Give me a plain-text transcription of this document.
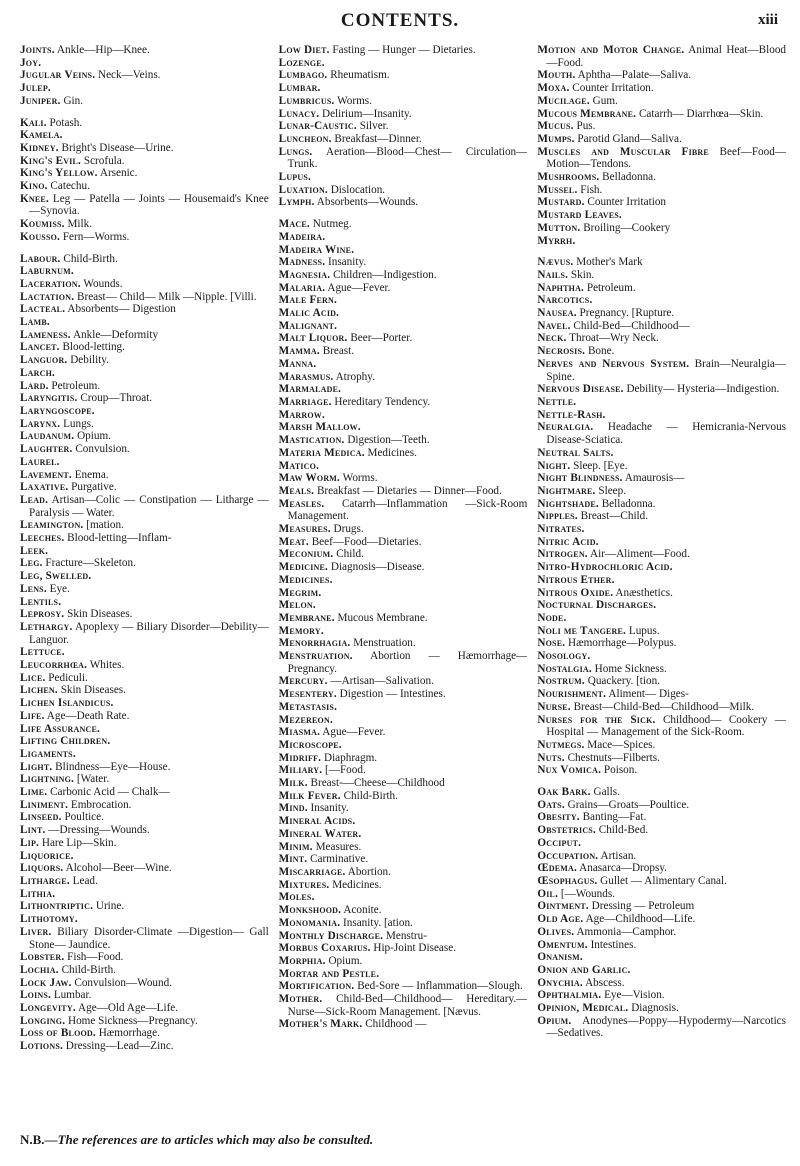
CONTENTS.	xiii
Joints. Ankle—Hip—Knee.
Joy.
Jugular Veins. Neck—Veins.
Julep.
Juniper. Gin.
Kali. Potash.
Kamela.
Kidney. Bright's Disease—Urine.
King's Evil. Scrofula.
King's Yellow. Arsenic.
Kino. Catechu.
Knee. Leg — Patella — Joints — Housemaid's Knee—Synovia.
Koumiss. Milk.
Kousso. Fern—Worms.
Labour. Child-Birth.
Laburnum.
Laceration. Wounds.
Lactation. Breast— Child— Milk —Nipple. [Villi.
Lacteal. Absorbents— Digestion
Lamb.
Lameness. Ankle—Deformity
Lancet. Blood-letting.
Languor. Debility.
Larch.
Lard. Petroleum.
Laryngitis. Croup—Throat.
Laryngoscope.
Larynx. Lungs.
Laudanum. Opium.
Laughter. Convulsion.
Laurel.
Lavement. Enema.
Laxative. Purgative.
Lead. Artisan—Colic — Constipation — Litharge — Paralysis — Water.
Leamington. [mation.
Leeches. Blood-letting—Inflam-
Leek.
Leg. Fracture—Skeleton.
Leg, Swelled.
Lens. Eye.
Lentils.
Leprosy. Skin Diseases.
Lethargy. Apoplexy — Biliary Disorder—Debility—Languor.
Lettuce.
Leucorrhœa. Whites.
Lice. Pediculi.
Lichen. Skin Diseases.
Lichen Islandicus.
Life. Age—Death Rate.
Life Assurance.
Lifting Children.
Ligaments.
Light. Blindness—Eye—House.
Lightning. [Water.
Lime. Carbonic Acid — Chalk—
Liniment. Embrocation.
Linseed. Poultice.
Lint. —Dressing—Wounds.
Lip. Hare Lip—Skin.
Liquorice.
Liquors. Alcohol—Beer—Wine.
Litharge. Lead.
Lithia.
Lithontriptic. Urine.
Lithotomy.
Liver. Biliary Disorder-Climate —Digestion— Gall Stone— Jaundice.
Lobster. Fish—Food.
Lochia. Child-Birth.
Lock Jaw. Convulsion—Wound.
Loins. Lumbar.
Longevity. Age—Old Age—Life.
Longing. Home Sickness—Pregnancy.
Loss of Blood. Hæmorrhage.
Lotions. Dressing—Lead—Zinc.
Low Diet. Fasting — Hunger — Dietaries.
Lozenge.
Lumbago. Rheumatism.
Lumbar.
Lumbricus. Worms.
Lunacy. Delirium—Insanity.
Lunar-Caustic. Silver.
Luncheon. Breakfast—Dinner.
Lungs. Aeration—Blood—Chest— Circulation—Trunk.
Lupus.
Luxation. Dislocation.
Lymph. Absorbents—Wounds.
Mace. Nutmeg.
Madeira.
Madeira Wine.
Madness. Insanity.
Magnesia. Children—Indigestion.
Malaria. Ague—Fever.
Male Fern.
Malic Acid.
Malignant.
Malt Liquor. Beer—Porter.
Mamma. Breast.
Manna.
Marasmus. Atrophy.
Marmalade.
Marriage. Hereditary Tendency.
Marrow.
Marsh Mallow.
Mastication. Digestion—Teeth.
Materia Medica. Medicines.
Matico.
Maw Worm. Worms.
Meals. Breakfast — Dietaries — Dinner—Food.
Measles. Catarrh—Inflammation —Sick-Room Management.
Measures. Drugs.
Meat. Beef—Food—Dietaries.
Meconium. Child.
Medicine. Diagnosis—Disease.
Medicines.
Megrim.
Melon.
Membrane. Mucous Membrane.
Memory.
Menorrhagia. Menstruation.
Menstruation. Abortion — Hæmorrhage—Pregnancy.
Mercury. —Artisan—Salivation.
Mesentery. Digestion — Intestines.
Metastasis.
Mezereon.
Miasma. Ague—Fever.
Microscope.
Midriff. Diaphragm.
Miliary. [—Food.
Milk. Breast-—Cheese—Childhood
Milk Fever. Child-Birth.
Mind. Insanity.
Mineral Acids.
Mineral Water.
Minim. Measures.
Mint. Carminative.
Miscarriage. Abortion.
Mixtures. Medicines.
Moles.
Monkshood. Aconite.
Monomania. Insanity. [ation.
Monthly Discharge. Menstru-
Morbus Coxarius. Hip-Joint Disease.
Morphia. Opium.
Mortar and Pestle.
Mortification. Bed-Sore — Inflammation—Slough.
Mother. Child-Bed—Childhood— Hereditary.— Nurse—Sick-Room Management. [Nævus.
Mother's Mark. Childhood —
Motion and Motor Change. Animal Heat—Blood—Food.
Mouth. Aphtha—Palate—Saliva.
Moxa. Counter Irritation.
Mucilage. Gum.
Mucous Membrane. Catarrh— Diarrhœa—Skin.
Mucus. Pus.
Mumps. Parotid Gland—Saliva.
Muscles and Muscular Fibre Beef—Food—Motion—Tendons.
Mushrooms. Belladonna.
Mussel. Fish.
Mustard. Counter Irritation
Mustard Leaves.
Mutton. Broiling—Cookery
Myrrh.
Nævus. Mother's Mark
Nails. Skin.
Naphtha. Petroleum.
Narcotics.
Nausea. Pregnancy. [Rupture.
Navel. Child-Bed—Childhood—
Neck. Throat—Wry Neck.
Necrosis. Bone.
Nerves and Nervous System. Brain—Neuralgia—Spine.
Nervous Disease. Debility— Hysteria—Indigestion.
Nettle.
Nettle-Rash.
Neuralgia. Headache — Hemicrania-Nervous Disease-Sciatica.
Neutral Salts.
Night. Sleep. [Eye.
Night Blindness. Amaurosis—
Nightmare. Sleep.
Nightshade. Belladonna.
Nipples. Breast—Child.
Nitrates.
Nitric Acid.
Nitrogen. Air—Aliment—Food.
Nitro-Hydrochloric Acid.
Nitrous Ether.
Nitrous Oxide. Anæsthetics.
Nocturnal Discharges.
Node.
Noli me Tangere. Lupus.
Nose. Hæmorrhage—Polypus.
Nosology.
Nostalgia. Home Sickness.
Nostrum. Quackery. [tion.
Nourishment. Aliment— Diges-
Nurse. Breast—Child-Bed—Childhood—Milk.
Nurses for the Sick. Childhood— Cookery — Hospital — Management of the Sick-Room.
Nutmegs. Mace—Spices.
Nuts. Chestnuts—Filberts.
Nux Vomica. Poison.
Oak Bark. Galls.
Oats. Grains—Groats—Poultice.
Obesity. Banting—Fat.
Obstetrics. Child-Bed.
Occiput.
Occupation. Artisan.
Œdema. Anasarca—Dropsy.
Œsophagus. Gullet — Alimentary Canal.
Oil. [—Wounds.
Ointment. Dressing — Petroleum
Old Age. Age—Childhood—Life.
Olives. Ammonia—Camphor.
Omentum. Intestines.
Onanism.
Onion and Garlic.
Onychia. Abscess.
Ophthalmia. Eye—Vision.
Opinion, Medical. Diagnosis.
Opium. Anodynes—Poppy—Hypodermy—Narcotics—Sedatives.
N.B.—The references are to articles which may also be consulted.
